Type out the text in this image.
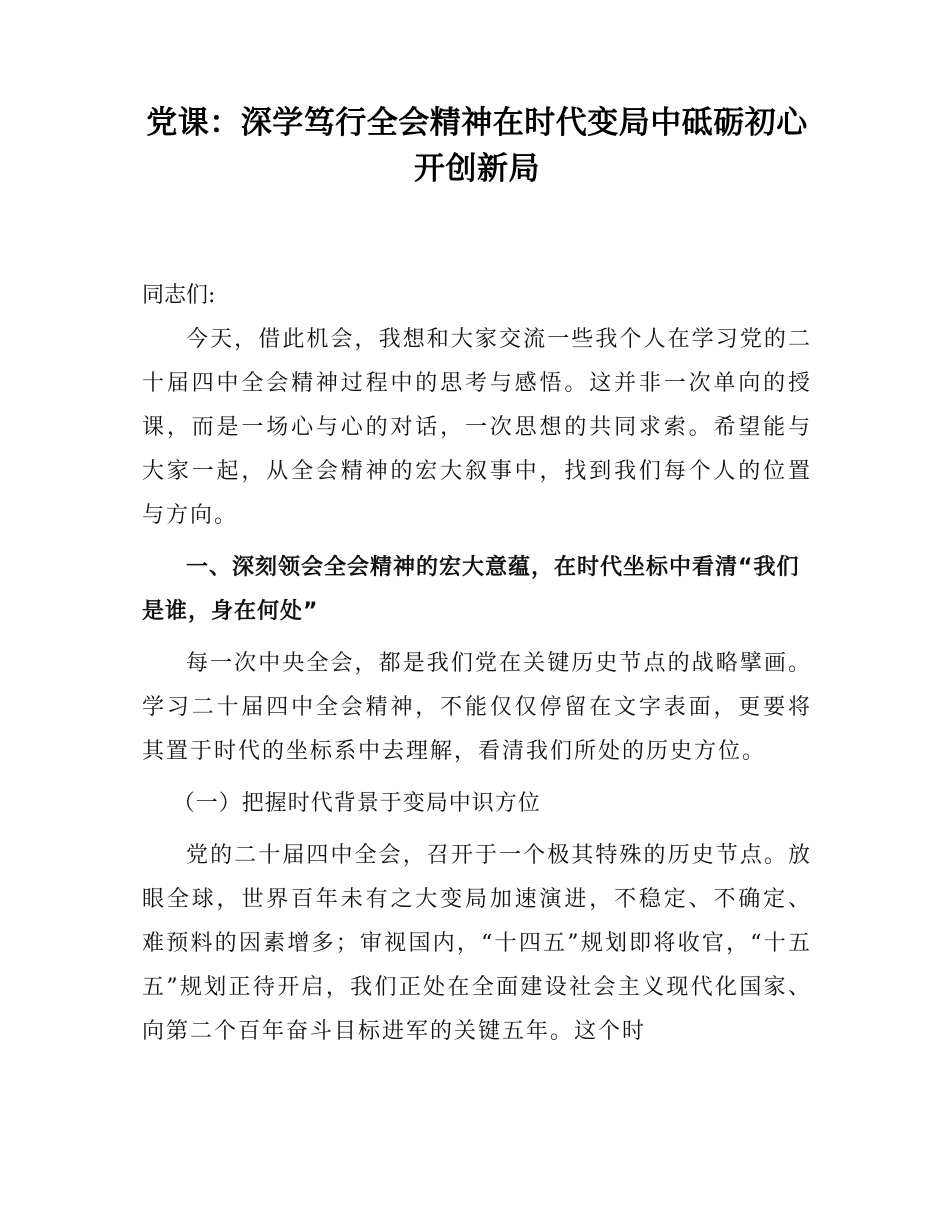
党课：深学笃行全会精神在时代变局中砥砺初心开创新局

同志们:

今天，借此机会，我想和大家交流一些我个人在学习党的二十届四中全会精神过程中的思考与感悟。这并非一次单向的授课，而是一场心与心的对话，一次思想的共同求索。希望能与大家一起，从全会精神的宏大叙事中，找到我们每个人的位置与方向。

一、深刻领会全会精神的宏大意蕴，在时代坐标中看清“我们是谁，身在何处”

每一次中央全会，都是我们党在关键历史节点的战略擘画。学习二十届四中全会精神，不能仅仅停留在文字表面，更要将其置于时代的坐标系中去理解，看清我们所处的历史方位。

（一）把握时代背景于变局中识方位

党的二十届四中全会，召开于一个极其特殊的历史节点。放眼全球，世界百年未有之大变局加速演进，不稳定、不确定、难预料的因素增多；审视国内，“十四五”规划即将收官，“十五五”规划正待开启，我们正处在全面建设社会主义现代化国家、向第二个百年奋斗目标进军的关键五年。这个时
